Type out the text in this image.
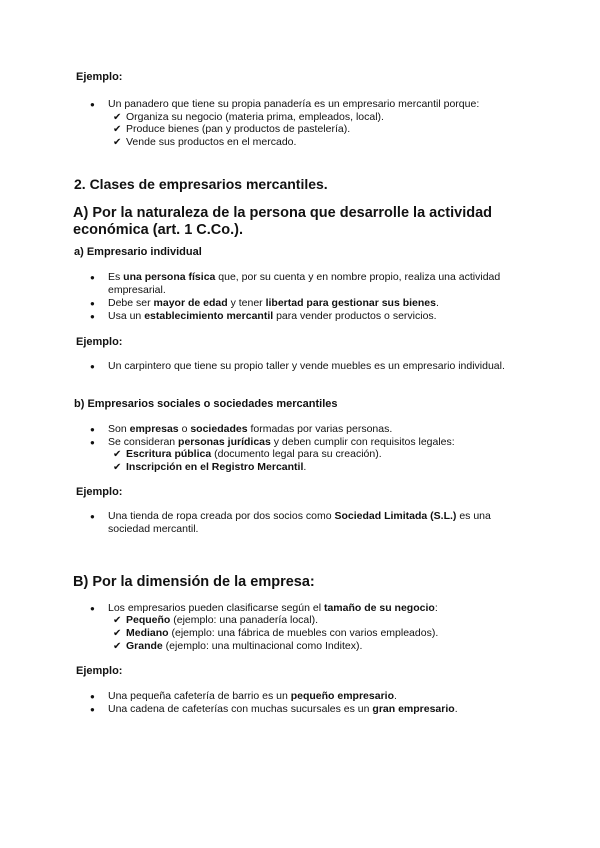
Ejemplo:

● Un panadero que tiene su propia panadería es un empresario mercantil porque:

✔ Organiza su negocio (materia prima, empleados, local).

✔ Produce bienes (pan y productos de pastelería).

✔ Vende sus productos en el mercado.

2. Clases de empresarios mercantiles.

A) Por la naturaleza de la persona que desarrolle la actividad económica (art. 1 C.Co.).

a) Empresario individual

● Es una persona física que, por su cuenta y en nombre propio, realiza una actividad empresarial.

● Debe ser mayor de edad y tener libertad para gestionar sus bienes.

● Usa un establecimiento mercantil para vender productos o servicios.

Ejemplo:

● Un carpintero que tiene su propio taller y vende muebles es un empresario individual.

b) Empresarios sociales o sociedades mercantiles

● Son empresas o sociedades formadas por varias personas.

● Se consideran personas jurídicas y deben cumplir con requisitos legales:

✔ Escritura pública (documento legal para su creación).

✔ Inscripción en el Registro Mercantil.

Ejemplo:

● Una tienda de ropa creada por dos socios como Sociedad Limitada (S.L.) es una sociedad mercantil.

B) Por la dimensión de la empresa:

● Los empresarios pueden clasificarse según el tamaño de su negocio:

✔ Pequeño (ejemplo: una panadería local).

✔ Mediano (ejemplo: una fábrica de muebles con varios empleados).

✔ Grande (ejemplo: una multinacional como Inditex).

Ejemplo:

● Una pequeña cafetería de barrio es un pequeño empresario.

● Una cadena de cafeterías con muchas sucursales es un gran empresario.
